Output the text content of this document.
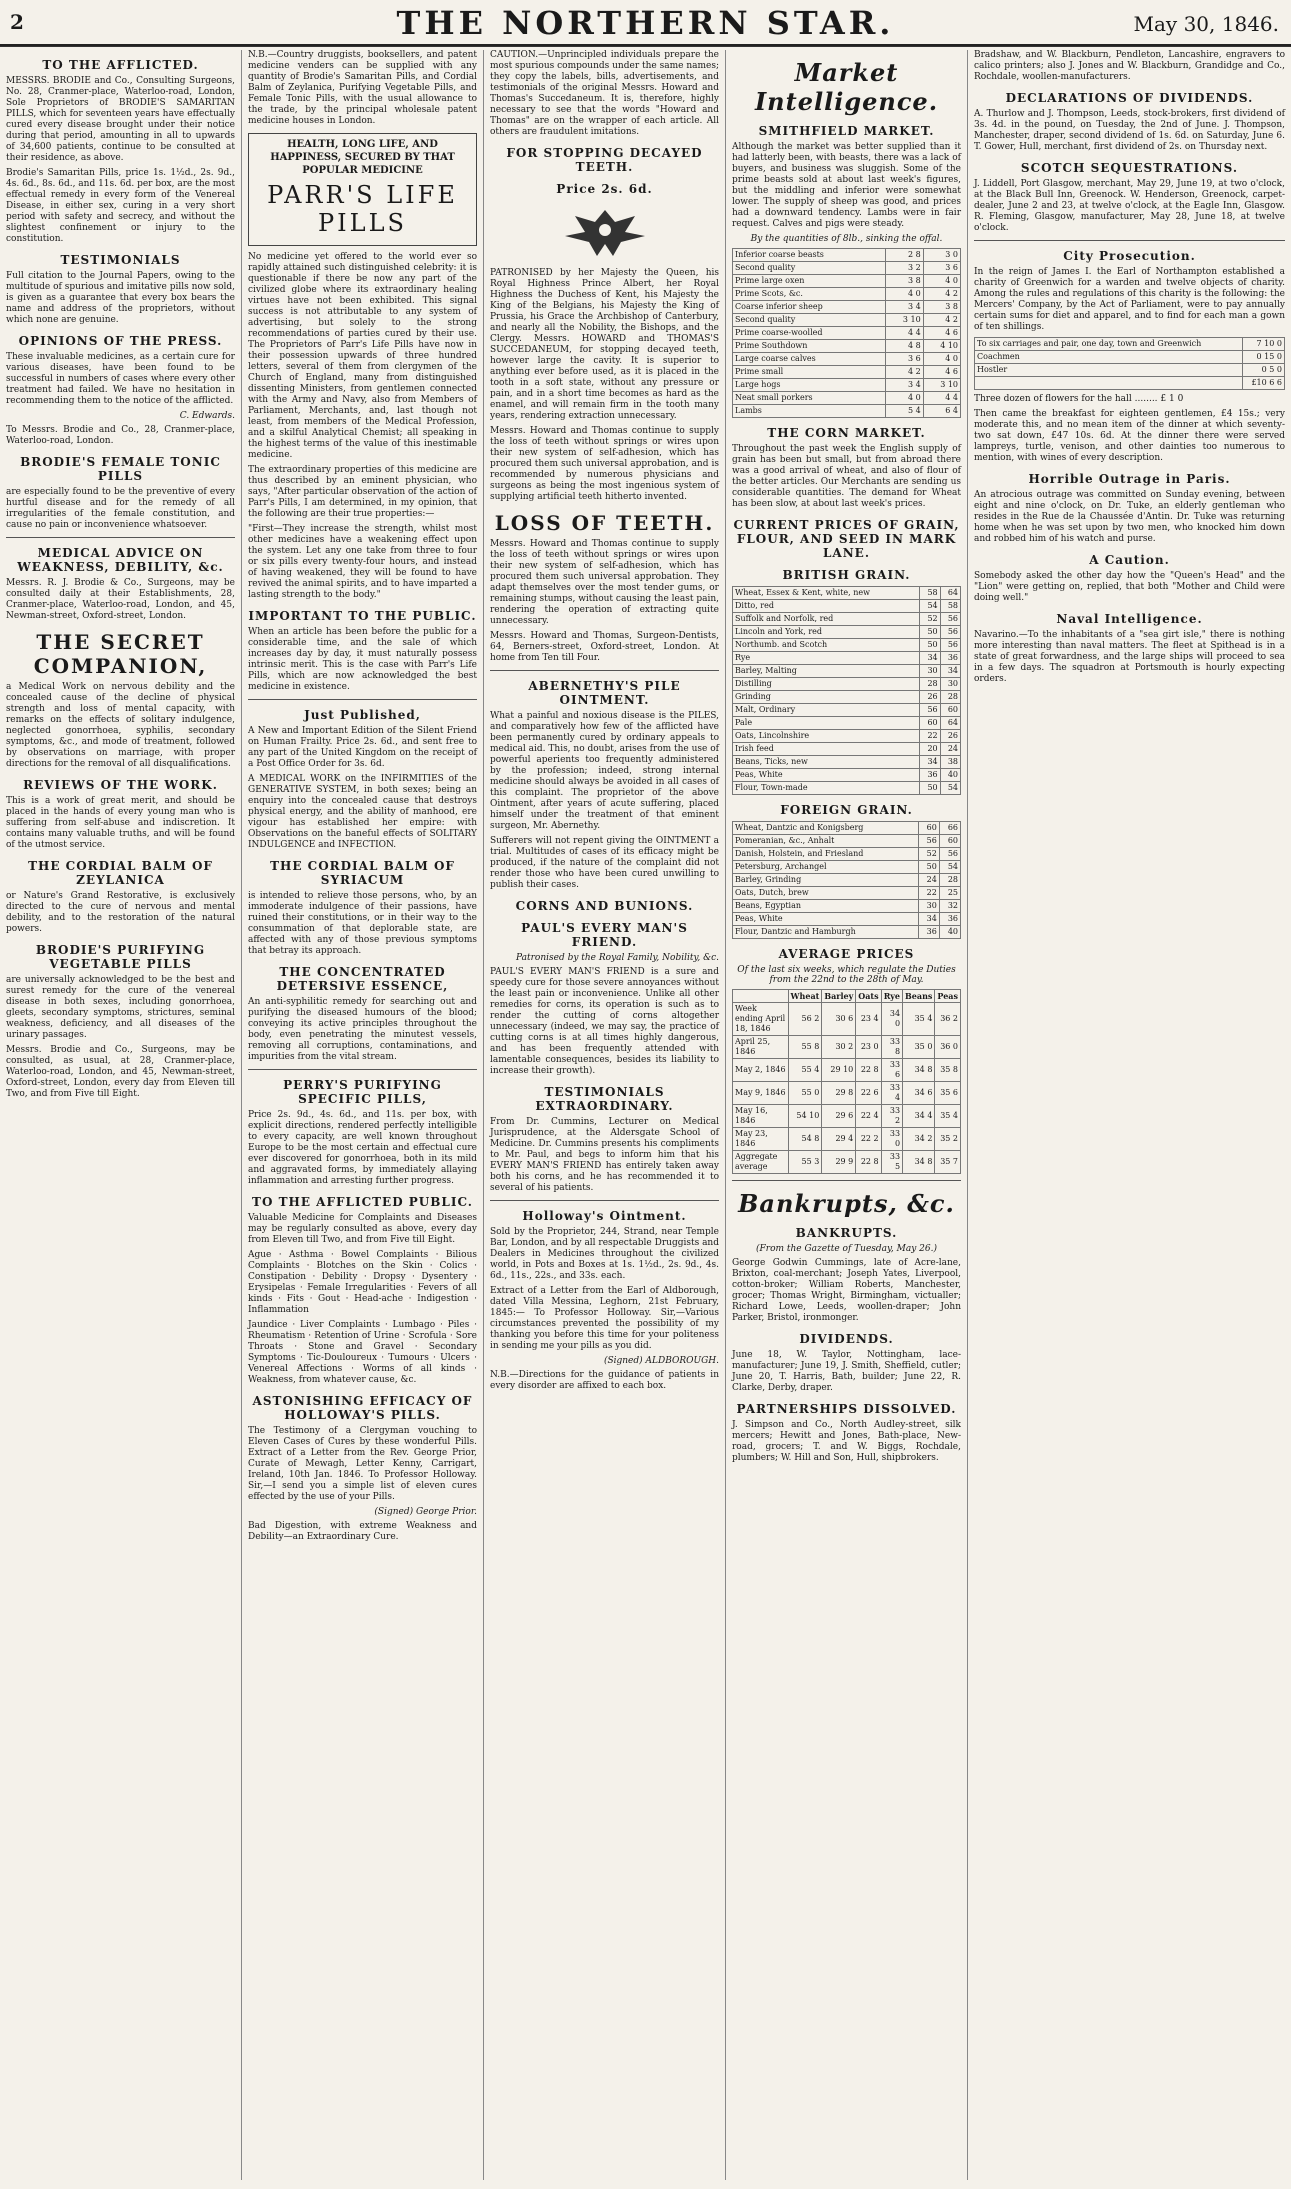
2	THE NORTHERN STAR.	May 30, 1846.
TO THE AFFLICTED.

MESSRS. BRODIE and Co., Consulting Surgeons, No. 28, Cranmer-place, Waterloo-road, London, Sole Proprietors of BRODIE'S SAMARITAN PILLS, which for seventeen years have effectually cured every disease brought under their notice during that period, amounting in all to upwards of 34,600 patients, continue to be consulted at their residence, as above.

Brodie's Samaritan Pills, price 1s. 1½d., 2s. 9d., 4s. 6d., 8s. 6d., and 11s. 6d. per box, are the most effectual remedy in every form of the Venereal Disease, in either sex, curing in a very short period with safety and secrecy, and without the slightest confinement or injury to the constitution.

TESTIMONIALS

Full citation to the Journal Papers, owing to the multitude of spurious and imitative pills now sold, is given as a guarantee that every box bears the name and address of the proprietors, without which none are genuine.

OPINIONS OF THE PRESS.

These invaluable medicines, as a certain cure for various diseases, have been found to be successful in numbers of cases where every other treatment had failed. We have no hesitation in recommending them to the notice of the afflicted.

C. Edwards.

To Messrs. Brodie and Co., 28, Cranmer-place, Waterloo-road, London.

BRODIE'S FEMALE TONIC PILLS

are especially found to be the preventive of every hurtful disease and for the remedy of all irregularities of the female constitution, and cause no pain or inconvenience whatsoever.

MEDICAL ADVICE ON WEAKNESS, DEBILITY, &c.

Messrs. R. J. Brodie & Co., Surgeons, may be consulted daily at their Establishments, 28, Cranmer-place, Waterloo-road, London, and 45, Newman-street, Oxford-street, London.

THE SECRET COMPANION,

a Medical Work on nervous debility and the concealed cause of the decline of physical strength and loss of mental capacity, with remarks on the effects of solitary indulgence, neglected gonorrhoea, syphilis, secondary symptoms, &c., and mode of treatment, followed by observations on marriage, with proper directions for the removal of all disqualifications.

REVIEWS OF THE WORK.

This is a work of great merit, and should be placed in the hands of every young man who is suffering from self-abuse and indiscretion. It contains many valuable truths, and will be found of the utmost service.

THE CORDIAL BALM OF ZEYLANICA

or Nature's Grand Restorative, is exclusively directed to the cure of nervous and mental debility, and to the restoration of the natural powers.

BRODIE'S PURIFYING VEGETABLE PILLS

are universally acknowledged to be the best and surest remedy for the cure of the venereal disease in both sexes, including gonorrhoea, gleets, secondary symptoms, strictures, seminal weakness, deficiency, and all diseases of the urinary passages.

Messrs. Brodie and Co., Surgeons, may be consulted, as usual, at 28, Cranmer-place, Waterloo-road, London, and 45, Newman-street, Oxford-street, London, every day from Eleven till Two, and from Five till Eight.

N.B.—Country druggists, booksellers, and patent medicine venders can be supplied with any quantity of Brodie's Samaritan Pills, and Cordial Balm of Zeylanica, Purifying Vegetable Pills, and Female Tonic Pills, with the usual allowance to the trade, by the principal wholesale patent medicine houses in London.

HEALTH, LONG LIFE, AND HAPPINESS, SECURED BY THAT POPULAR MEDICINE
PARR'S LIFE PILLS

No medicine yet offered to the world ever so rapidly attained such distinguished celebrity: it is questionable if there be now any part of the civilized globe where its extraordinary healing virtues have not been exhibited. This signal success is not attributable to any system of advertising, but solely to the strong recommendations of parties cured by their use. The Proprietors of Parr's Life Pills have now in their possession upwards of three hundred letters, several of them from clergymen of the Church of England, many from distinguished dissenting Ministers, from gentlemen connected with the Army and Navy, also from Members of Parliament, Merchants, and, last though not least, from members of the Medical Profession, and a skilful Analytical Chemist; all speaking in the highest terms of the value of this inestimable medicine.

The extraordinary properties of this medicine are thus described by an eminent physician, who says, "After particular observation of the action of Parr's Pills, I am determined, in my opinion, that the following are their true properties:—

"First—They increase the strength, whilst most other medicines have a weakening effect upon the system. Let any one take from three to four or six pills every twenty-four hours, and instead of having weakened, they will be found to have revived the animal spirits, and to have imparted a lasting strength to the body."

IMPORTANT TO THE PUBLIC.

When an article has been before the public for a considerable time, and the sale of which increases day by day, it must naturally possess intrinsic merit. This is the case with Parr's Life Pills, which are now acknowledged the best medicine in existence.

Just Published,

A New and Important Edition of the Silent Friend on Human Frailty. Price 2s. 6d., and sent free to any part of the United Kingdom on the receipt of a Post Office Order for 3s. 6d.

A MEDICAL WORK on the INFIRMITIES of the GENERATIVE SYSTEM, in both sexes; being an enquiry into the concealed cause that destroys physical energy, and the ability of manhood, ere vigour has established her empire: with Observations on the baneful effects of SOLITARY INDULGENCE and INFECTION.

THE CORDIAL BALM OF SYRIACUM

is intended to relieve those persons, who, by an immoderate indulgence of their passions, have ruined their constitutions, or in their way to the consummation of that deplorable state, are affected with any of those previous symptoms that betray its approach.

THE CONCENTRATED DETERSIVE ESSENCE,

An anti-syphilitic remedy for searching out and purifying the diseased humours of the blood; conveying its active principles throughout the body, even penetrating the minutest vessels, removing all corruptions, contaminations, and impurities from the vital stream.

PERRY'S PURIFYING SPECIFIC PILLS,

Price 2s. 9d., 4s. 6d., and 11s. per box, with explicit directions, rendered perfectly intelligible to every capacity, are well known throughout Europe to be the most certain and effectual cure ever discovered for gonorrhoea, both in its mild and aggravated forms, by immediately allaying inflammation and arresting further progress.

TO THE AFFLICTED PUBLIC.

Valuable Medicine for Complaints and Diseases may be regularly consulted as above, every day from Eleven till Two, and from Five till Eight.

Ague · Asthma · Bowel Complaints · Bilious Complaints · Blotches on the Skin · Colics · Constipation · Debility · Dropsy · Dysentery · Erysipelas · Female Irregularities · Fevers of all kinds · Fits · Gout · Head-ache · Indigestion · Inflammation

Jaundice · Liver Complaints · Lumbago · Piles · Rheumatism · Retention of Urine · Scrofula · Sore Throats · Stone and Gravel · Secondary Symptoms · Tic-Douloureux · Tumours · Ulcers · Venereal Affections · Worms of all kinds · Weakness, from whatever cause, &c.

ASTONISHING EFFICACY OF HOLLOWAY'S PILLS.

The Testimony of a Clergyman vouching to Eleven Cases of Cures by these wonderful Pills. Extract of a Letter from the Rev. George Prior, Curate of Mewagh, Letter Kenny, Carrigart, Ireland, 10th Jan. 1846. To Professor Holloway. Sir,—I send you a simple list of eleven cures effected by the use of your Pills.

(Signed) George Prior.

Bad Digestion, with extreme Weakness and Debility—an Extraordinary Cure.

CAUTION.—Unprincipled individuals prepare the most spurious compounds under the same names; they copy the labels, bills, advertisements, and testimonials of the original Messrs. Howard and Thomas's Succedaneum. It is, therefore, highly necessary to see that the words "Howard and Thomas" are on the wrapper of each article. All others are fraudulent imitations.

FOR STOPPING DECAYED TEETH.
Price 2s. 6d.

PATRONISED by her Majesty the Queen, his Royal Highness Prince Albert, her Royal Highness the Duchess of Kent, his Majesty the King of the Belgians, his Majesty the King of Prussia, his Grace the Archbishop of Canterbury, and nearly all the Nobility, the Bishops, and the Clergy. Messrs. HOWARD and THOMAS'S SUCCEDANEUM, for stopping decayed teeth, however large the cavity. It is superior to anything ever before used, as it is placed in the tooth in a soft state, without any pressure or pain, and in a short time becomes as hard as the enamel, and will remain firm in the tooth many years, rendering extraction unnecessary.

Messrs. Howard and Thomas continue to supply the loss of teeth without springs or wires upon their new system of self-adhesion, which has procured them such universal approbation, and is recommended by numerous physicians and surgeons as being the most ingenious system of supplying artificial teeth hitherto invented.

LOSS OF TEETH.

Messrs. Howard and Thomas continue to supply the loss of teeth without springs or wires upon their new system of self-adhesion, which has procured them such universal approbation. They adapt themselves over the most tender gums, or remaining stumps, without causing the least pain, rendering the operation of extracting quite unnecessary.

Messrs. Howard and Thomas, Surgeon-Dentists, 64, Berners-street, Oxford-street, London. At home from Ten till Four.

ABERNETHY'S PILE OINTMENT.

What a painful and noxious disease is the PILES, and comparatively how few of the afflicted have been permanently cured by ordinary appeals to medical aid. This, no doubt, arises from the use of powerful aperients too frequently administered by the profession; indeed, strong internal medicine should always be avoided in all cases of this complaint. The proprietor of the above Ointment, after years of acute suffering, placed himself under the treatment of that eminent surgeon, Mr. Abernethy.

Sufferers will not repent giving the OINTMENT a trial. Multitudes of cases of its efficacy might be produced, if the nature of the complaint did not render those who have been cured unwilling to publish their cases.

CORNS AND BUNIONS.
PAUL'S EVERY MAN'S FRIEND.

Patronised by the Royal Family, Nobility, &c.

PAUL'S EVERY MAN'S FRIEND is a sure and speedy cure for those severe annoyances without the least pain or inconvenience. Unlike all other remedies for corns, its operation is such as to render the cutting of corns altogether unnecessary (indeed, we may say, the practice of cutting corns is at all times highly dangerous, and has been frequently attended with lamentable consequences, besides its liability to increase their growth).

TESTIMONIALS EXTRAORDINARY.

From Dr. Cummins, Lecturer on Medical Jurisprudence, at the Aldersgate School of Medicine. Dr. Cummins presents his compliments to Mr. Paul, and begs to inform him that his EVERY MAN'S FRIEND has entirely taken away both his corns, and he has recommended it to several of his patients.

Holloway's Ointment.

Sold by the Proprietor, 244, Strand, near Temple Bar, London, and by all respectable Druggists and Dealers in Medicines throughout the civilized world, in Pots and Boxes at 1s. 1½d., 2s. 9d., 4s. 6d., 11s., 22s., and 33s. each.

Extract of a Letter from the Earl of Aldborough, dated Villa Messina, Leghorn, 21st February, 1845:— To Professor Holloway. Sir,—Various circumstances prevented the possibility of my thanking you before this time for your politeness in sending me your pills as you did.

(Signed) ALDBOROUGH.

N.B.—Directions for the guidance of patients in every disorder are affixed to each box.

Market Intelligence.
SMITHFIELD MARKET.

Although the market was better supplied than it had latterly been, with beasts, there was a lack of buyers, and business was sluggish. Some of the prime beasts sold at about last week's figures, but the middling and inferior were somewhat lower. The supply of sheep was good, and prices had a downward tendency. Lambs were in fair request. Calves and pigs were steady.

By the quantities of 8lb., sinking the offal.
Inferior coarse beasts	2 8	3 0
Second quality	3 2	3 6
Prime large oxen	3 8	4 0
Prime Scots, &c.	4 0	4 2
Coarse inferior sheep	3 4	3 8
Second quality	3 10	4 2
Prime coarse-woolled	4 4	4 6
Prime Southdown	4 8	4 10
Large coarse calves	3 6	4 0
Prime small	4 2	4 6
Large hogs	3 4	3 10
Neat small porkers	4 0	4 4
Lambs	5 4	6 4
THE CORN MARKET.

Throughout the past week the English supply of grain has been but small, but from abroad there was a good arrival of wheat, and also of flour of the better articles. Our Merchants are sending us considerable quantities. The demand for Wheat has been slow, at about last week's prices.

CURRENT PRICES OF GRAIN, FLOUR, AND SEED IN MARK LANE.
BRITISH GRAIN.
Wheat, Essex & Kent, white, new	58	64
Ditto, red	54	58
Suffolk and Norfolk, red	52	56
Lincoln and York, red	50	56
Northumb. and Scotch	50	56
Rye	34	36
Barley, Malting	30	34
Distilling	28	30
Grinding	26	28
Malt, Ordinary	56	60
Pale	60	64
Oats, Lincolnshire	22	26
Irish feed	20	24
Beans, Ticks, new	34	38
Peas, White	36	40
Flour, Town-made	50	54
FOREIGN GRAIN.
Wheat, Dantzic and Konigsberg	60	66
Pomeranian, &c., Anhalt	56	60
Danish, Holstein, and Friesland	52	56
Petersburg, Archangel	50	54
Barley, Grinding	24	28
Oats, Dutch, brew	22	25
Beans, Egyptian	30	32
Peas, White	34	36
Flour, Dantzic and Hamburgh	36	40
AVERAGE PRICES

Of the last six weeks, which regulate the Duties from the 22nd to the 28th of May.

	Wheat	Barley	Oats	Rye	Beans	Peas
Week ending April 18, 1846	56 2	30 6	23 4	34 0	35 4	36 2
April 25, 1846	55 8	30 2	23 0	33 8	35 0	36 0
May 2, 1846	55 4	29 10	22 8	33 6	34 8	35 8
May 9, 1846	55 0	29 8	22 6	33 4	34 6	35 6
May 16, 1846	54 10	29 6	22 4	33 2	34 4	35 4
May 23, 1846	54 8	29 4	22 2	33 0	34 2	35 2
Aggregate average	55 3	29 9	22 8	33 5	34 8	35 7
Bankrupts, &c.
BANKRUPTS.

(From the Gazette of Tuesday, May 26.)

George Godwin Cummings, late of Acre-lane, Brixton, coal-merchant; Joseph Yates, Liverpool, cotton-broker; William Roberts, Manchester, grocer; Thomas Wright, Birmingham, victualler; Richard Lowe, Leeds, woollen-draper; John Parker, Bristol, ironmonger.

DIVIDENDS.

June 18, W. Taylor, Nottingham, lace-manufacturer; June 19, J. Smith, Sheffield, cutler; June 20, T. Harris, Bath, builder; June 22, R. Clarke, Derby, draper.

PARTNERSHIPS DISSOLVED.

J. Simpson and Co., North Audley-street, silk mercers; Hewitt and Jones, Bath-place, New-road, grocers; T. and W. Biggs, Rochdale, plumbers; W. Hill and Son, Hull, shipbrokers.

Bradshaw, and W. Blackburn, Pendleton, Lancashire, engravers to calico printers; also J. Jones and W. Blackburn, Grandidge and Co., Rochdale, woollen-manufacturers.

DECLARATIONS OF DIVIDENDS.

A. Thurlow and J. Thompson, Leeds, stock-brokers, first dividend of 3s. 4d. in the pound, on Tuesday, the 2nd of June. J. Thompson, Manchester, draper, second dividend of 1s. 6d. on Saturday, June 6. T. Gower, Hull, merchant, first dividend of 2s. on Thursday next.

SCOTCH SEQUESTRATIONS.

J. Liddell, Port Glasgow, merchant, May 29, June 19, at two o'clock, at the Black Bull Inn, Greenock. W. Henderson, Greenock, carpet-dealer, June 2 and 23, at twelve o'clock, at the Eagle Inn, Glasgow. R. Fleming, Glasgow, manufacturer, May 28, June 18, at twelve o'clock.

City Prosecution.

In the reign of James I. the Earl of Northampton established a charity of Greenwich for a warden and twelve objects of charity. Among the rules and regulations of this charity is the following: the Mercers' Company, by the Act of Parliament, were to pay annually certain sums for diet and apparel, and to find for each man a gown of ten shillings.

To six carriages and pair, one day, town and Greenwich	7 10 0
Coachmen	0 15 0
Hostler	0 5 0
	£10 6 6

Three dozen of flowers for the hall ........ £ 1 0

Then came the breakfast for eighteen gentlemen, £4 15s.; very moderate this, and no mean item of the dinner at which seventy-two sat down, £47 10s. 6d. At the dinner there were served lampreys, turtle, venison, and other dainties too numerous to mention, with wines of every description.

Horrible Outrage in Paris.

An atrocious outrage was committed on Sunday evening, between eight and nine o'clock, on Dr. Tuke, an elderly gentleman who resides in the Rue de la Chaussée d'Antin. Dr. Tuke was returning home when he was set upon by two men, who knocked him down and robbed him of his watch and purse.

A Caution.

Somebody asked the other day how the "Queen's Head" and the "Lion" were getting on, replied, that both "Mother and Child were doing well."

Naval Intelligence.

Navarino.—To the inhabitants of a "sea girt isle," there is nothing more interesting than naval matters. The fleet at Spithead is in a state of great forwardness, and the large ships will proceed to sea in a few days. The squadron at Portsmouth is hourly expecting orders.
